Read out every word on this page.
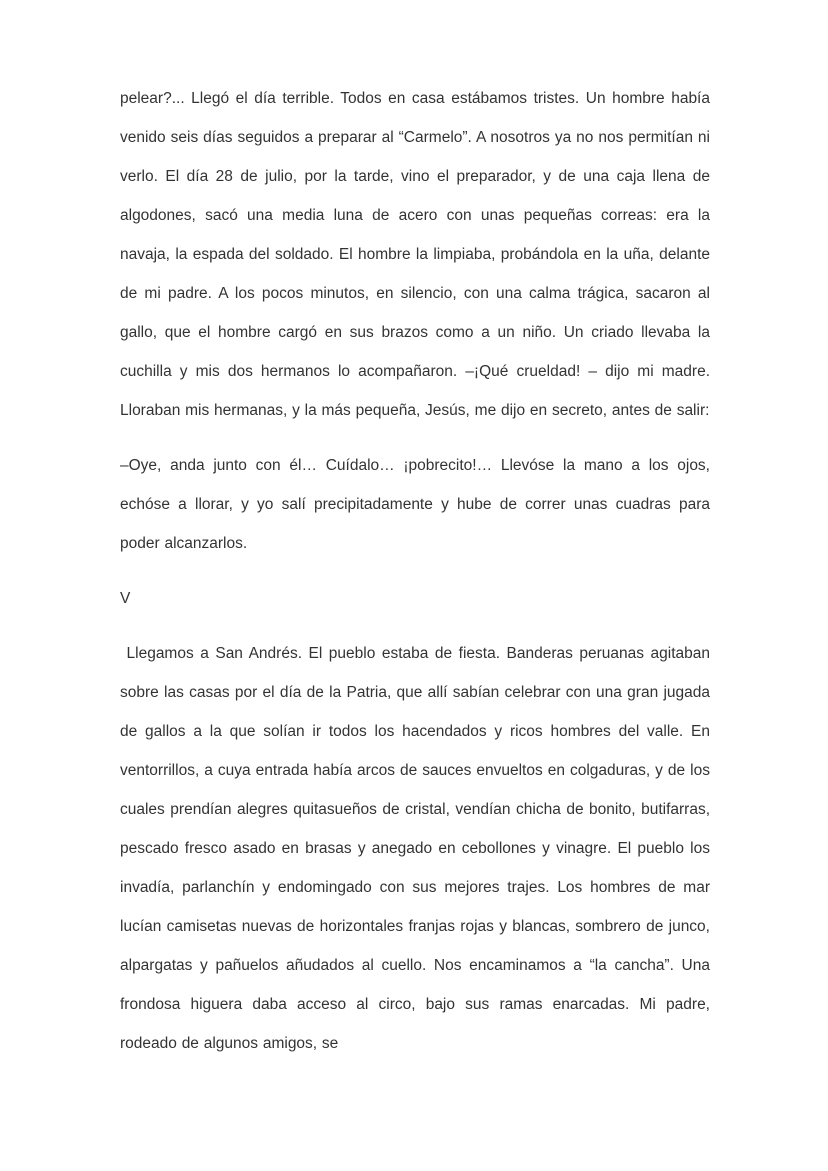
pelear?... Llegó el día terrible. Todos en casa estábamos tristes. Un hombre había venido seis días seguidos a preparar al “Carmelo”. A nosotros ya no nos permitían ni verlo. El día 28 de julio, por la tarde, vino el preparador, y de una caja llena de algodones, sacó una media luna de acero con unas pequeñas correas: era la navaja, la espada del soldado. El hombre la limpiaba, probándola en la uña, delante de mi padre. A los pocos minutos, en silencio, con una calma trágica, sacaron al gallo, que el hombre cargó en sus brazos como a un niño. Un criado llevaba la cuchilla y mis dos hermanos lo acompañaron. –¡Qué crueldad! – dijo mi madre. Lloraban mis hermanas, y la más pequeña, Jesús, me dijo en secreto, antes de salir:

–Oye, anda junto con él… Cuídalo… ¡pobrecito!… Llevóse la mano a los ojos, echóse a llorar, y yo salí precipitadamente y hube de correr unas cuadras para poder alcanzarlos.

V

Llegamos a San Andrés. El pueblo estaba de fiesta. Banderas peruanas agitaban sobre las casas por el día de la Patria, que allí sabían celebrar con una gran jugada de gallos a la que solían ir todos los hacendados y ricos hombres del valle. En ventorrillos, a cuya entrada había arcos de sauces envueltos en colgaduras, y de los cuales prendían alegres quitasueños de cristal, vendían chicha de bonito, butifarras, pescado fresco asado en brasas y anegado en cebollones y vinagre. El pueblo los invadía, parlanchín y endomingado con sus mejores trajes. Los hombres de mar lucían camisetas nuevas de horizontales franjas rojas y blancas, sombrero de junco, alpargatas y pañuelos añudados al cuello. Nos encaminamos a “la cancha”. Una frondosa higuera daba acceso al circo, bajo sus ramas enarcadas. Mi padre, rodeado de algunos amigos, se
